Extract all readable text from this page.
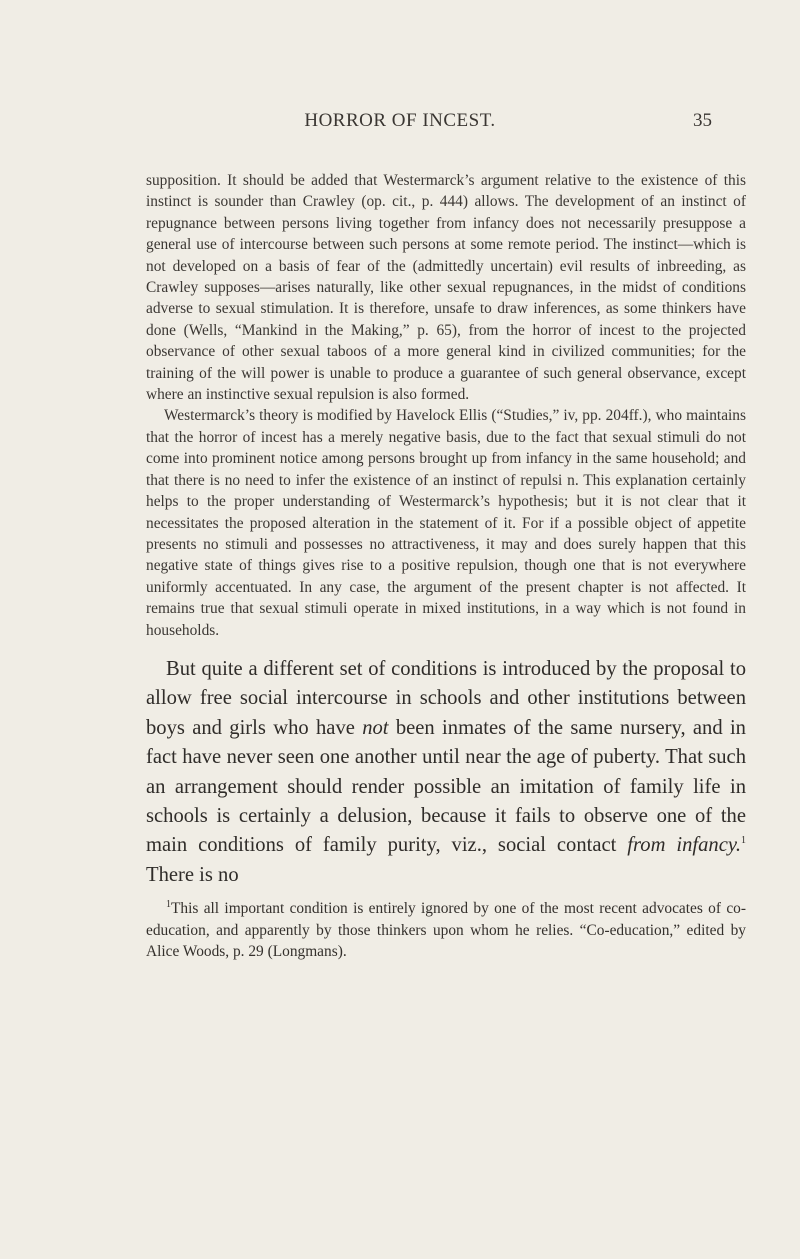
HORROR OF INCEST.	35

supposition. It should be added that Westermarck’s argument relative to the existence of this instinct is sounder than Crawley (op. cit., p. 444) allows. The development of an instinct of repugnance between persons living together from infancy does not necessarily presuppose a general use of intercourse between such persons at some remote period. The instinct—which is not developed on a basis of fear of the (admittedly uncertain) evil results of inbreeding, as Crawley supposes—arises naturally, like other sexual repugnances, in the midst of conditions adverse to sexual stimulation. It is therefore, unsafe to draw inferences, as some thinkers have done (Wells, “Mankind in the Making,” p. 65), from the horror of incest to the projected observance of other sexual taboos of a more general kind in civilized communities; for the training of the will power is unable to produce a guarantee of such general observance, except where an instinctive sexual repulsion is also formed.

Westermarck’s theory is modified by Havelock Ellis (“Studies,” iv, pp. 204ff.), who maintains that the horror of incest has a merely negative basis, due to the fact that sexual stimuli do not come into prominent notice among persons brought up from infancy in the same household; and that there is no need to infer the existence of an instinct of repulsi n. This explanation certainly helps to the proper understanding of Westermarck’s hypothesis; but it is not clear that it necessitates the proposed alteration in the statement of it. For if a possible object of appetite presents no stimuli and possesses no attractiveness, it may and does surely happen that this negative state of things gives rise to a positive repulsion, though one that is not everywhere uniformly accentuated. In any case, the argument of the present chapter is not affected. It remains true that sexual stimuli operate in mixed institutions, in a way which is not found in households.

But quite a different set of conditions is introduced by the proposal to allow free social intercourse in schools and other institutions between boys and girls who have not been inmates of the same nursery, and in fact have never seen one another until near the age of puberty. That such an arrangement should render possible an imitation of family life in schools is certainly a delusion, because it fails to observe one of the main conditions of family purity, viz., social contact from infancy.$^1$ There is no

$^1$This all important condition is entirely ignored by one of the most recent advocates of co-education, and apparently by those thinkers upon whom he relies. “Co-education,” edited by Alice Woods, p. 29 (Longmans).
